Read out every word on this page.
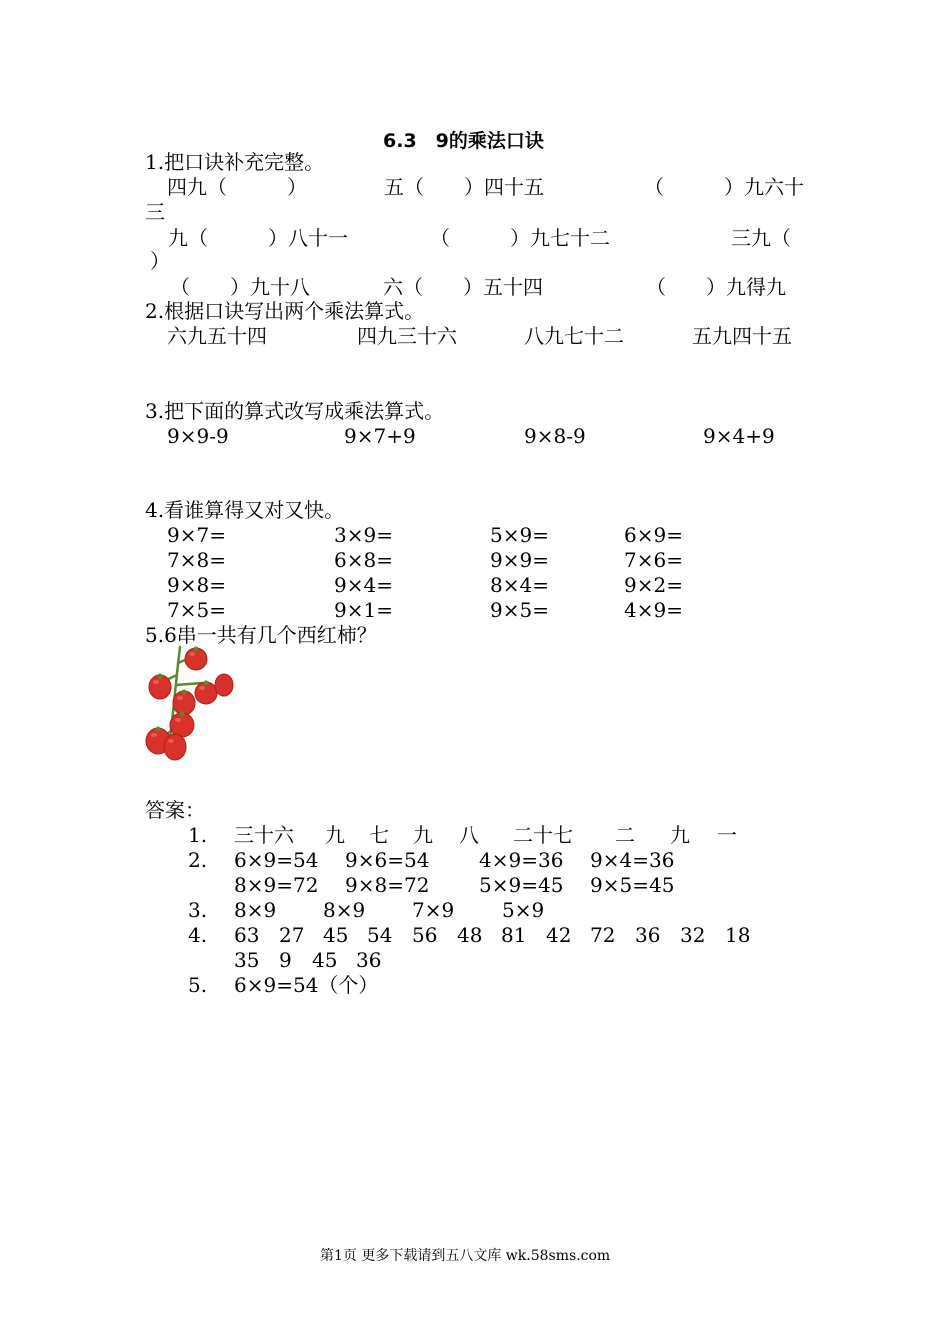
6.3　9的乘法口诀
1.把口诀补充完整。
四九（　　　）	五（　　）四十五	（　　　）九六十
三
九（　　　）八十一	（　　　）九七十二	三九（
）
（　　）九十八	六（　　）五十四	（　　）九得九
2.根据口诀写出两个乘法算式。
六九五十四	四九三十六	八九七十二	五九四十五
3.把下面的算式改写成乘法算式。
9×9-9	9×7+9	9×8-9	9×4+9
4.看谁算得又对又快。
9×7=	3×9=	5×9=	6×9=
7×8=	6×8=	9×9=	7×6=
9×8=	9×4=	8×4=	9×2=
7×5=	9×1=	9×5=	4×9=
5.6串一共有几个西红柿？
答案：
1. 三十六 九 七 九 八 二十七 二 九 一
2. 6×9=54 9×6=54 4×9=36 9×4=36
8×9=72 9×8=72 5×9=45 9×5=45
3. 8×9 8×9 7×9 5×9
4. 63 27 45 54 56 48 81 42 72 36 32 18
35 9 45 36
5. 6×9=54（个）
第1页 更多下载请到五八文库 wk.58sms.com
